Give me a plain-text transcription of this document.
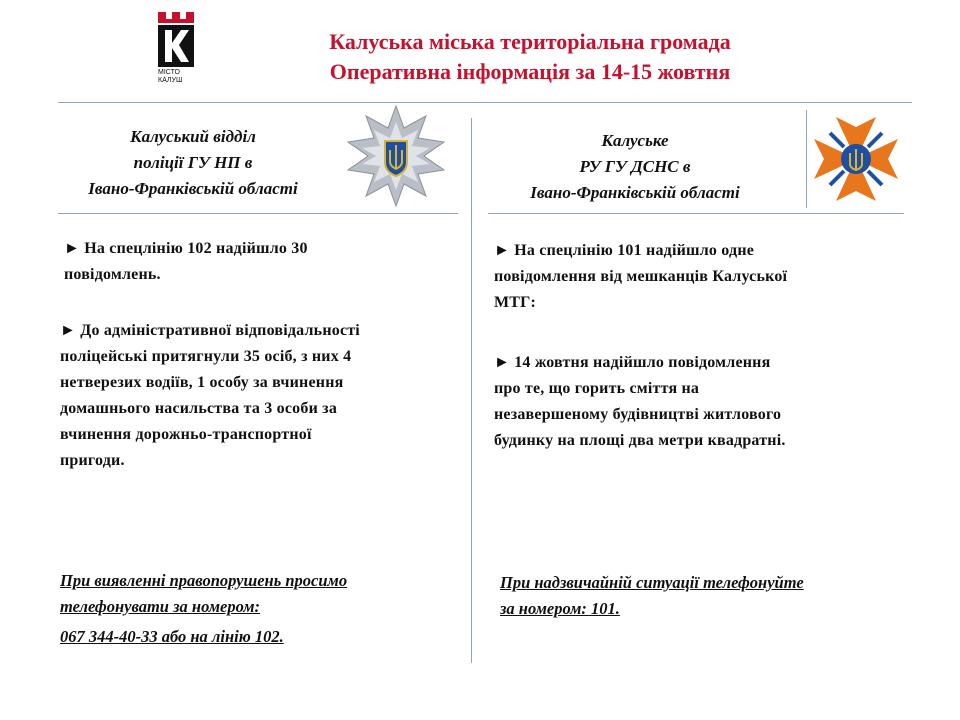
МІСТО
КАЛУШ
Калуська міська територіальна громада
Оперативна інформація за 14-15 жовтня
Калуський відділ
поліції ГУ НП в
Івано-Франківській області
Калуське
РУ ГУ ДСНС в
Івано-Франківській області
► На спецлінію 102 надійшло 30
повідомлень.
► До адміністративної відповідальності
поліцейські притягнули 35 осіб, з них 4
нетверезих водіїв, 1 особу за вчинення
домашнього насильства та 3 особи за
вчинення дорожньо-транспортної
пригоди.
При виявленні правопорушень просимо
телефонувати за номером:
067 344-40-33 або на лінію 102.
► На спецлінію 101 надійшло одне
повідомлення від мешканців Калуської
МТГ:
► 14 жовтня надійшло повідомлення
про те, що горить сміття на
незавершеному будівництві житлового
будинку на площі два метри квадратні.
При надзвичайній ситуації телефонуйте
за номером: 101.
